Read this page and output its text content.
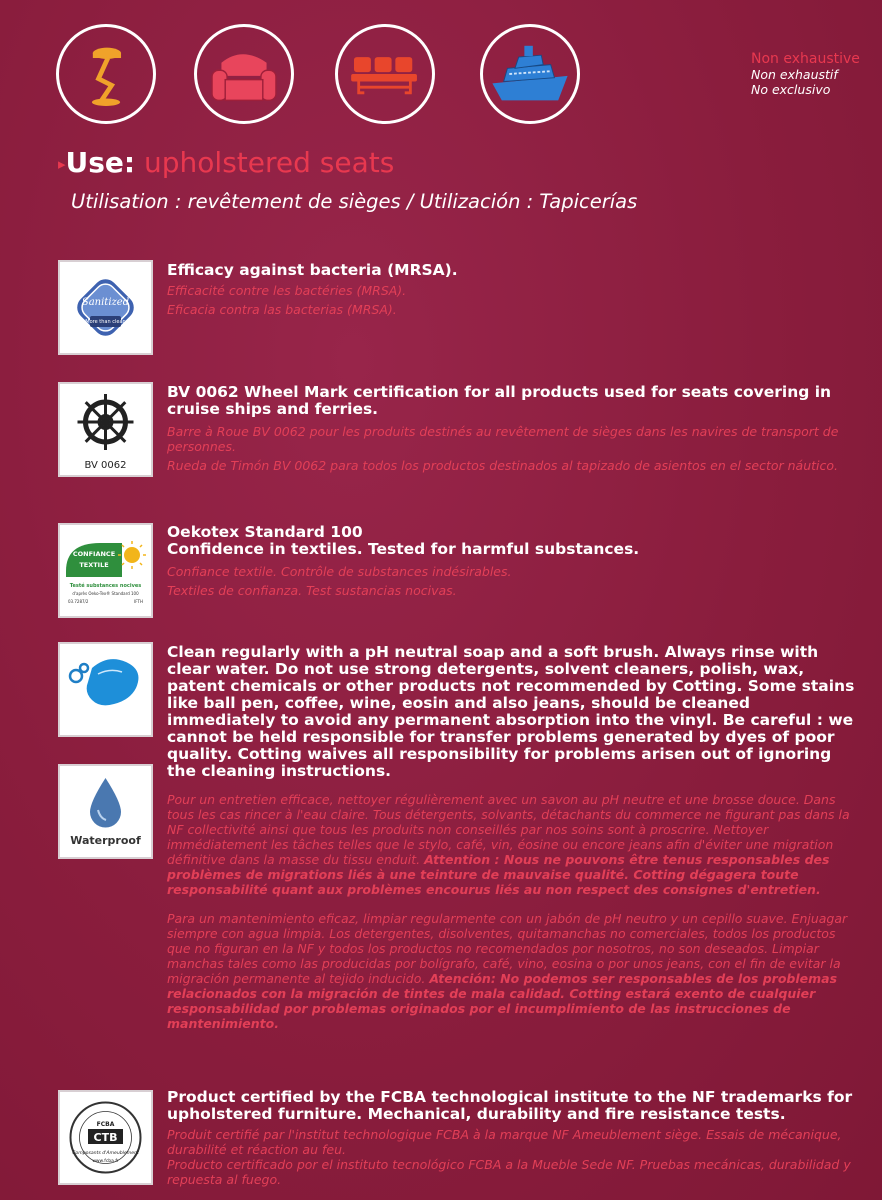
Non exhaustive
Non exhaustif
No exclusivo
▸Use: upholstered seats
Utilisation : revêtement de sièges / Utilización : Tapicerías
Sanitized
More than clean
Efficacy against bacteria (MRSA).
Efficacité contre les bactéries (MRSA).
Eficacia contra las bacterias (MRSA).
BV 0062
BV 0062 Wheel Mark certification for all products used for seats covering in cruise ships and ferries.
Barre à Roue BV 0062 pour les produits destinés au revêtement de sièges dans les navires de transport de personnes.
Rueda de Timón BV 0062 para todos los productos destinados al tapizado de asientos en el sector náutico.
CONFIANCE
TEXTILE
Testé substances nocives
d'après Oeko-Tex® Standard 100
03.7287/2	IFTH
Oekotex Standard 100
Confidence in textiles. Tested for harmful substances.
Confiance textile. Contrôle de substances indésirables.
Textiles de confianza. Test sustancias nocivas.
Waterproof
Clean regularly with a pH neutral soap and a soft brush. Always rinse with clear water. Do not use strong detergents, solvent cleaners, polish, wax, patent chemicals or other products not recommended by Cotting. Some stains like ball pen, coffee, wine, eosin and also jeans, should be cleaned immediately to avoid any permanent absorption into the vinyl. Be careful : we cannot be held responsible for transfer problems generated by dyes of poor quality. Cotting waives all responsibility for problems arisen out of ignoring the cleaning instructions.
Pour un entretien efficace, nettoyer régulièrement avec un savon au pH neutre et une brosse douce. Dans tous les cas rincer à l'eau claire. Tous détergents, solvants, détachants du commerce ne figurant pas dans la NF collectivité ainsi que tous les produits non conseillés par nos soins sont à proscrire. Nettoyer immédiatement les tâches telles que le stylo, café, vin, éosine ou encore jeans afin d'éviter une migration définitive dans la masse du tissu enduit. Attention : Nous ne pouvons être tenus responsables des problèmes de migrations liés à une teinture de mauvaise qualité. Cotting dégagera toute responsabilité quant aux problèmes encourus liés au non respect des consignes d'entretien.
Para un mantenimiento eficaz, limpiar regularmente con un jabón de pH neutro y un cepillo suave. Enjuagar siempre con agua limpia. Los detergentes, disolventes, quitamanchas no comerciales, todos los productos que no figuran en la NF y todos los productos no recomendados por nosotros, no son deseados. Limpiar manchas tales como las producidas por bolígrafo, café, vino, eosina o por unos jeans, con el fin de evitar la migración permanente al tejido inducido. Atención: No podemos ser responsables de los problemas relacionados con la migración de tintes de mala calidad. Cotting estará exento de cualquier responsabilidad por problemas originados por el incumplimiento de las instrucciones de mantenimiento.
FCBA
CTB
Composants d'Ameublement
www.fcba.fr
Product certified by the FCBA technological institute to the NF trademarks for upholstered furniture. Mechanical, durability and fire resistance tests.
Produit certifié par l'institut technologique FCBA à la marque NF Ameublement siège. Essais de mécanique, durabilité et réaction au feu.
Producto certificado por el instituto tecnológico FCBA a la Mueble Sede NF. Pruebas mecánicas, durabilidad y repuesta al fuego.
